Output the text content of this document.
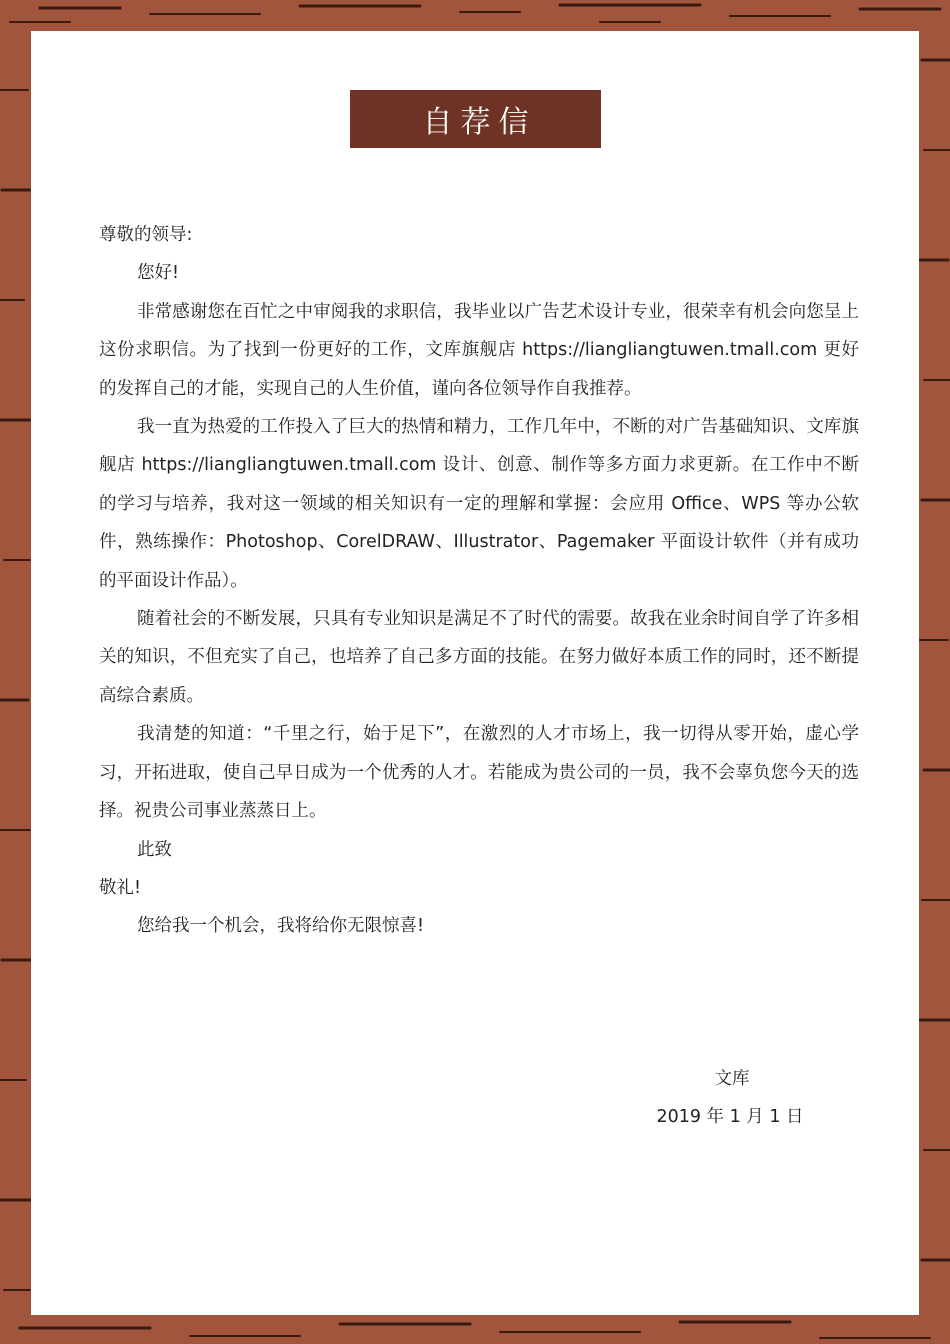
自荐信

尊敬的领导:

您好!

非常感谢您在百忙之中审阅我的求职信，我毕业以广告艺术设计专业，很荣幸有机会向您呈上这份求职信。为了找到一份更好的工作，文库旗舰店 https://liangliangtuwen.tmall.com 更好的发挥自己的才能，实现自己的人生价值，谨向各位领导作自我推荐。

我一直为热爱的工作投入了巨大的热情和精力，工作几年中，不断的对广告基础知识、文库旗舰店 https://liangliangtuwen.tmall.com 设计、创意、制作等多方面力求更新。在工作中不断的学习与培养，我对这一领域的相关知识有一定的理解和掌握：会应用 Office、WPS 等办公软件，熟练操作：Photoshop、CorelDRAW、Illustrator、Pagemaker 平面设计软件（并有成功的平面设计作品）。

随着社会的不断发展，只具有专业知识是满足不了时代的需要。故我在业余时间自学了许多相关的知识，不但充实了自己，也培养了自己多方面的技能。在努力做好本质工作的同时，还不断提高综合素质。

我清楚的知道：“千里之行，始于足下”，在激烈的人才市场上，我一切得从零开始，虚心学习，开拓进取，使自己早日成为一个优秀的人才。若能成为贵公司的一员，我不会辜负您今天的选择。祝贵公司事业蒸蒸日上。

此致

敬礼!

您给我一个机会，我将给你无限惊喜!

文库
2019 年 1 月 1 日
